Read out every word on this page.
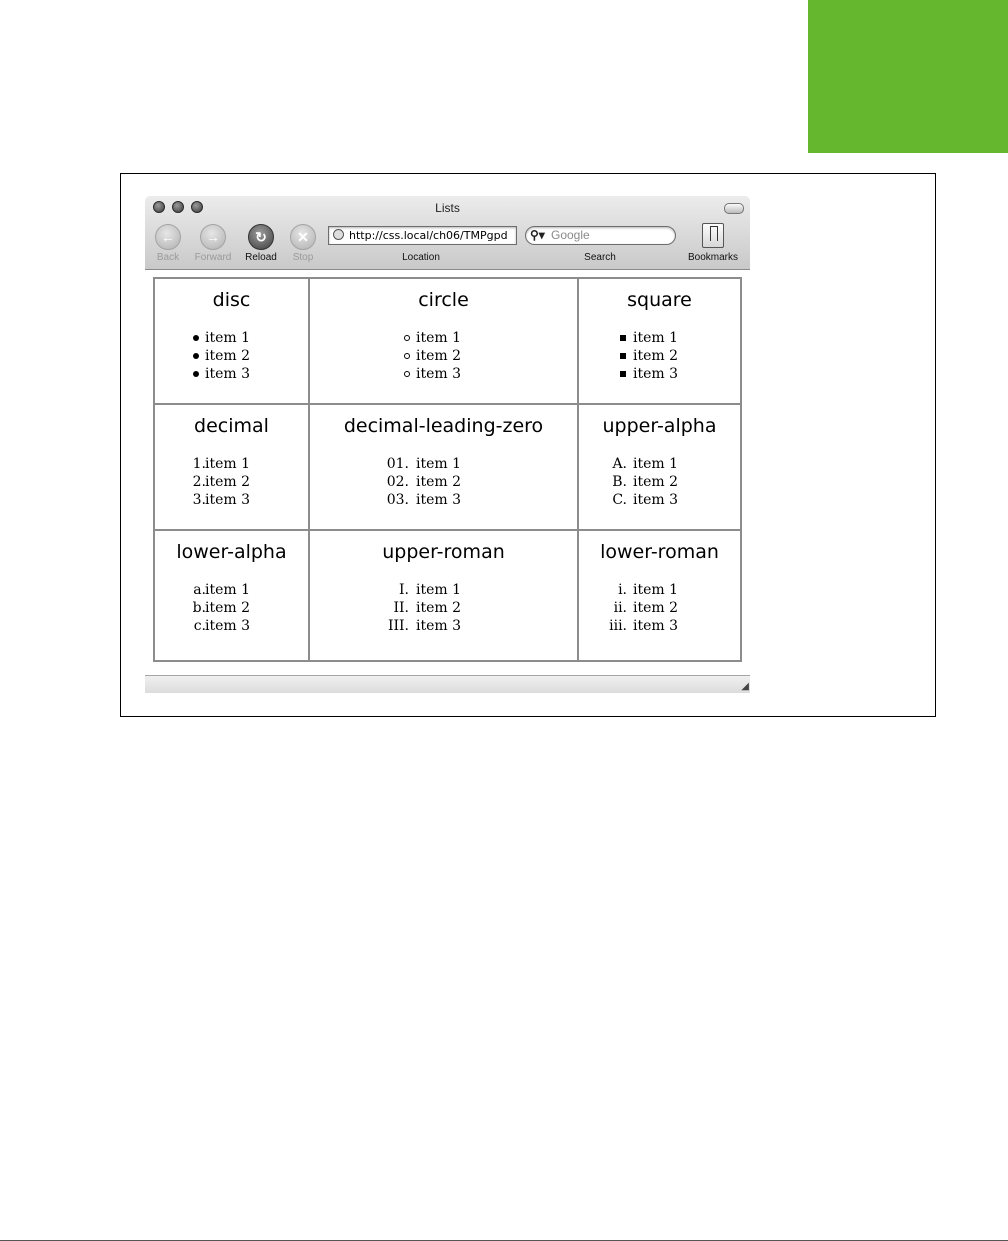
Lists
←
Back
→
Forward
↻
Reload
✕
Stop
http://css.local/ch06/TMPgpd
Location
⚲▾ Google
Search	Bookmarks
disc
item 1
item 2
item 3
circle
item 1
item 2
item 3
square
item 1
item 2
item 3
decimal
1. item 1
2. item 2
3. item 3
decimal-leading-zero
01. item 1
02. item 2
03. item 3
upper-alpha
A. item 1
B. item 2
C. item 3
lower-alpha
a. item 1
b. item 2
c. item 3
upper-roman
I. item 1
II. item 2
III. item 3
lower-roman
i. item 1
ii. item 2
iii. item 3
◢
